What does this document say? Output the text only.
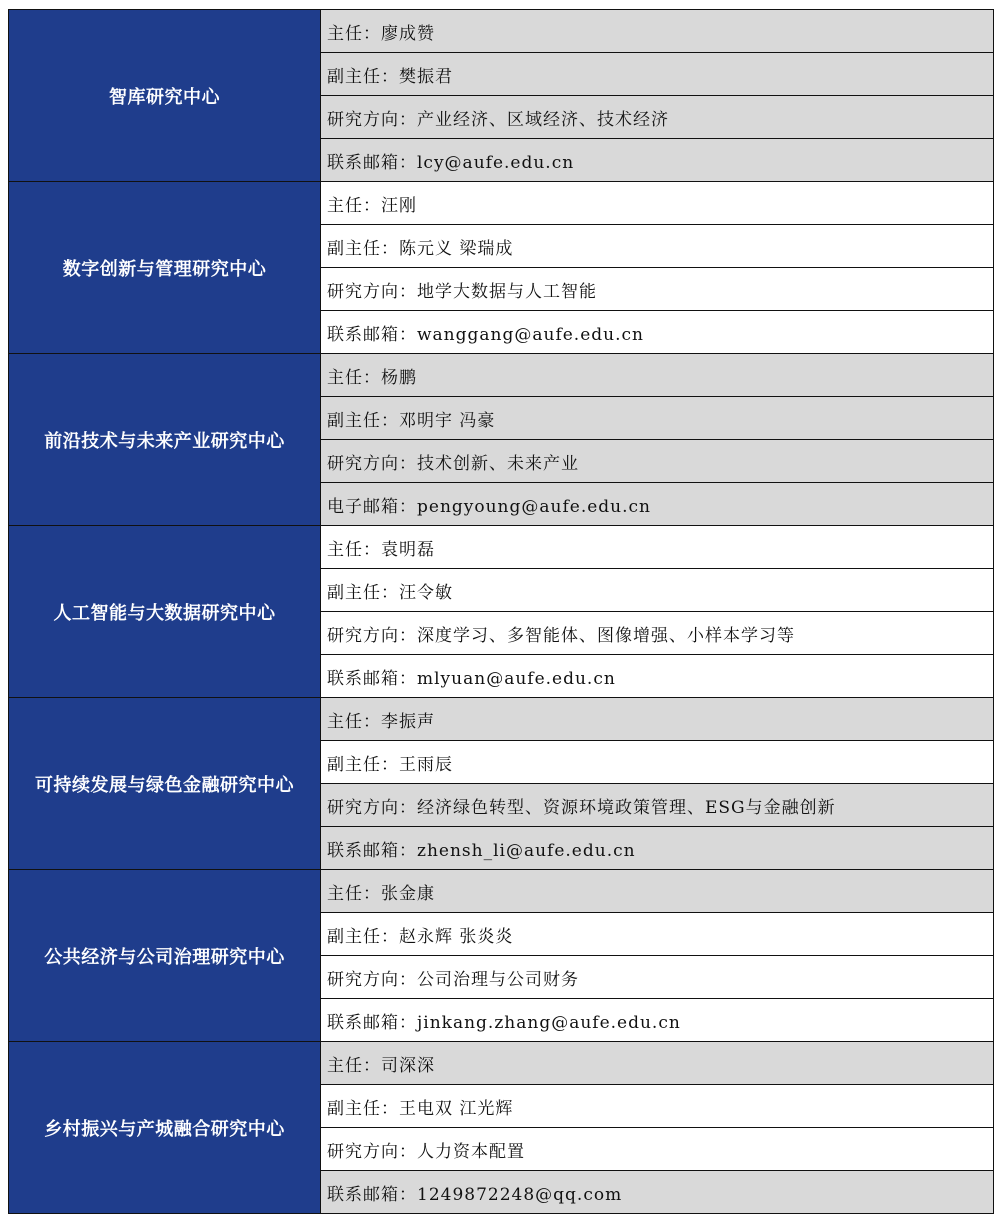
智库研究中心	主任：廖成赞
	副主任：樊振君
	研究方向：产业经济、区域经济、技术经济
	联系邮箱：lcy@aufe.edu.cn
数字创新与管理研究中心	主任：汪刚
	副主任：陈元义 梁瑞成
	研究方向：地学大数据与人工智能
	联系邮箱：wanggang@aufe.edu.cn
前沿技术与未来产业研究中心	主任：杨鹏
	副主任：邓明宇 冯豪
	研究方向：技术创新、未来产业
	电子邮箱：pengyoung@aufe.edu.cn
人工智能与大数据研究中心	主任：袁明磊
	副主任：汪令敏
	研究方向：深度学习、多智能体、图像增强、小样本学习等
	联系邮箱：mlyuan@aufe.edu.cn
可持续发展与绿色金融研究中心	主任：李振声
	副主任：王雨辰
	研究方向：经济绿色转型、资源环境政策管理、ESG与金融创新
	联系邮箱：zhensh_li@aufe.edu.cn
公共经济与公司治理研究中心	主任：张金康
	副主任：赵永辉 张炎炎
	研究方向：公司治理与公司财务
	联系邮箱：jinkang.zhang@aufe.edu.cn
乡村振兴与产城融合研究中心	主任：司深深
	副主任：王电双 江光辉
	研究方向：人力资本配置
	联系邮箱：1249872248@qq.com
